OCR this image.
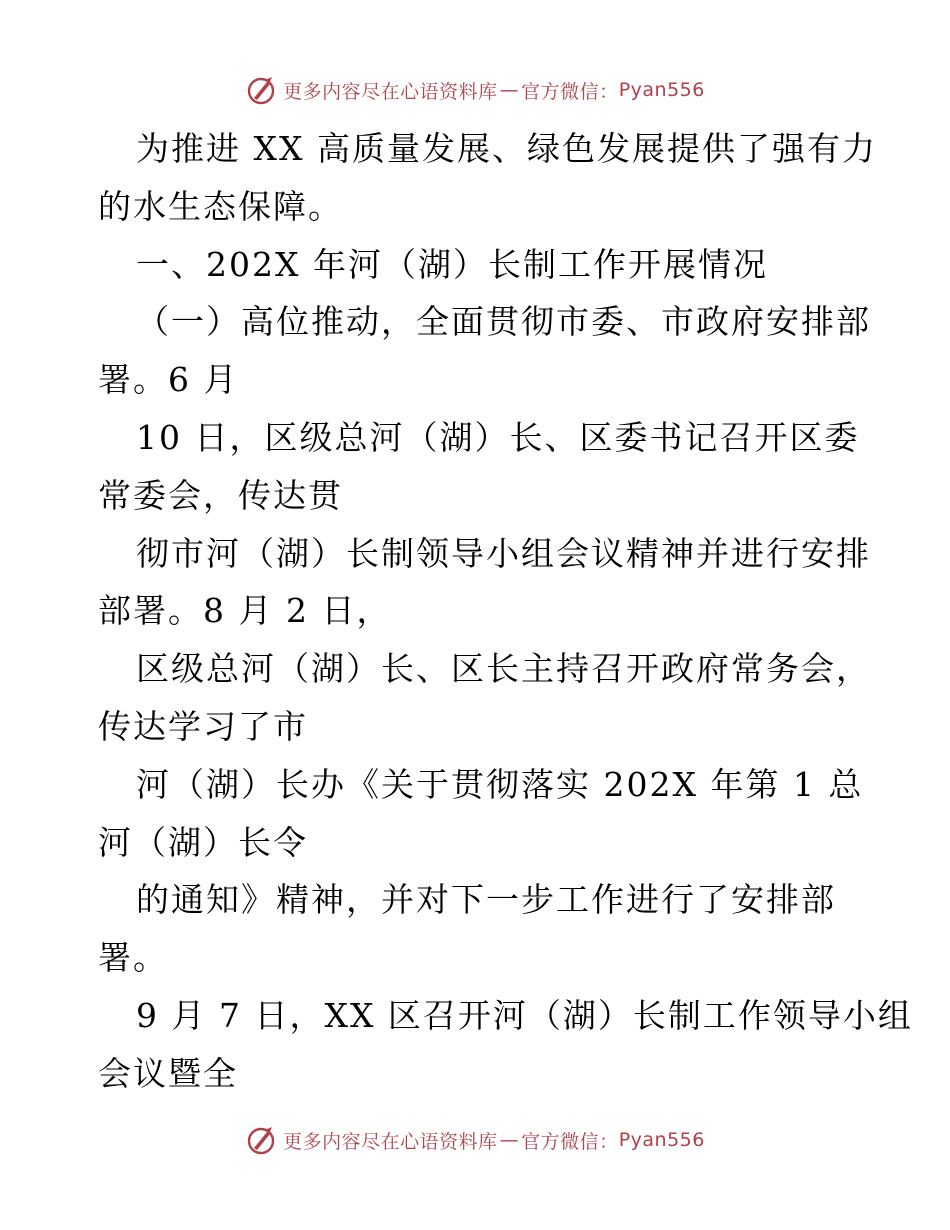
更多内容尽在心语资料库 — 官方微信： Pyan556
为推进 XX 高质量发展、绿色发展提供了强有力
的水生态保障。
一、202X 年河（湖）长制工作开展情况
（一）高位推动，全面贯彻市委、市政府安排部
署。6 月
10 日，区级总河（湖）长、区委书记召开区委
常委会，传达贯
彻市河（湖）长制领导小组会议精神并进行安排
部署。8 月 2 日，
区级总河（湖）长、区长主持召开政府常务会，
传达学习了市
河（湖）长办《关于贯彻落实 202X 年第 1 总
河（湖）长令
的通知》精神，并对下一步工作进行了安排部
署。
9 月 7 日，XX 区召开河（湖）长制工作领导小组
会议暨全
更多内容尽在心语资料库 — 官方微信： Pyan556
